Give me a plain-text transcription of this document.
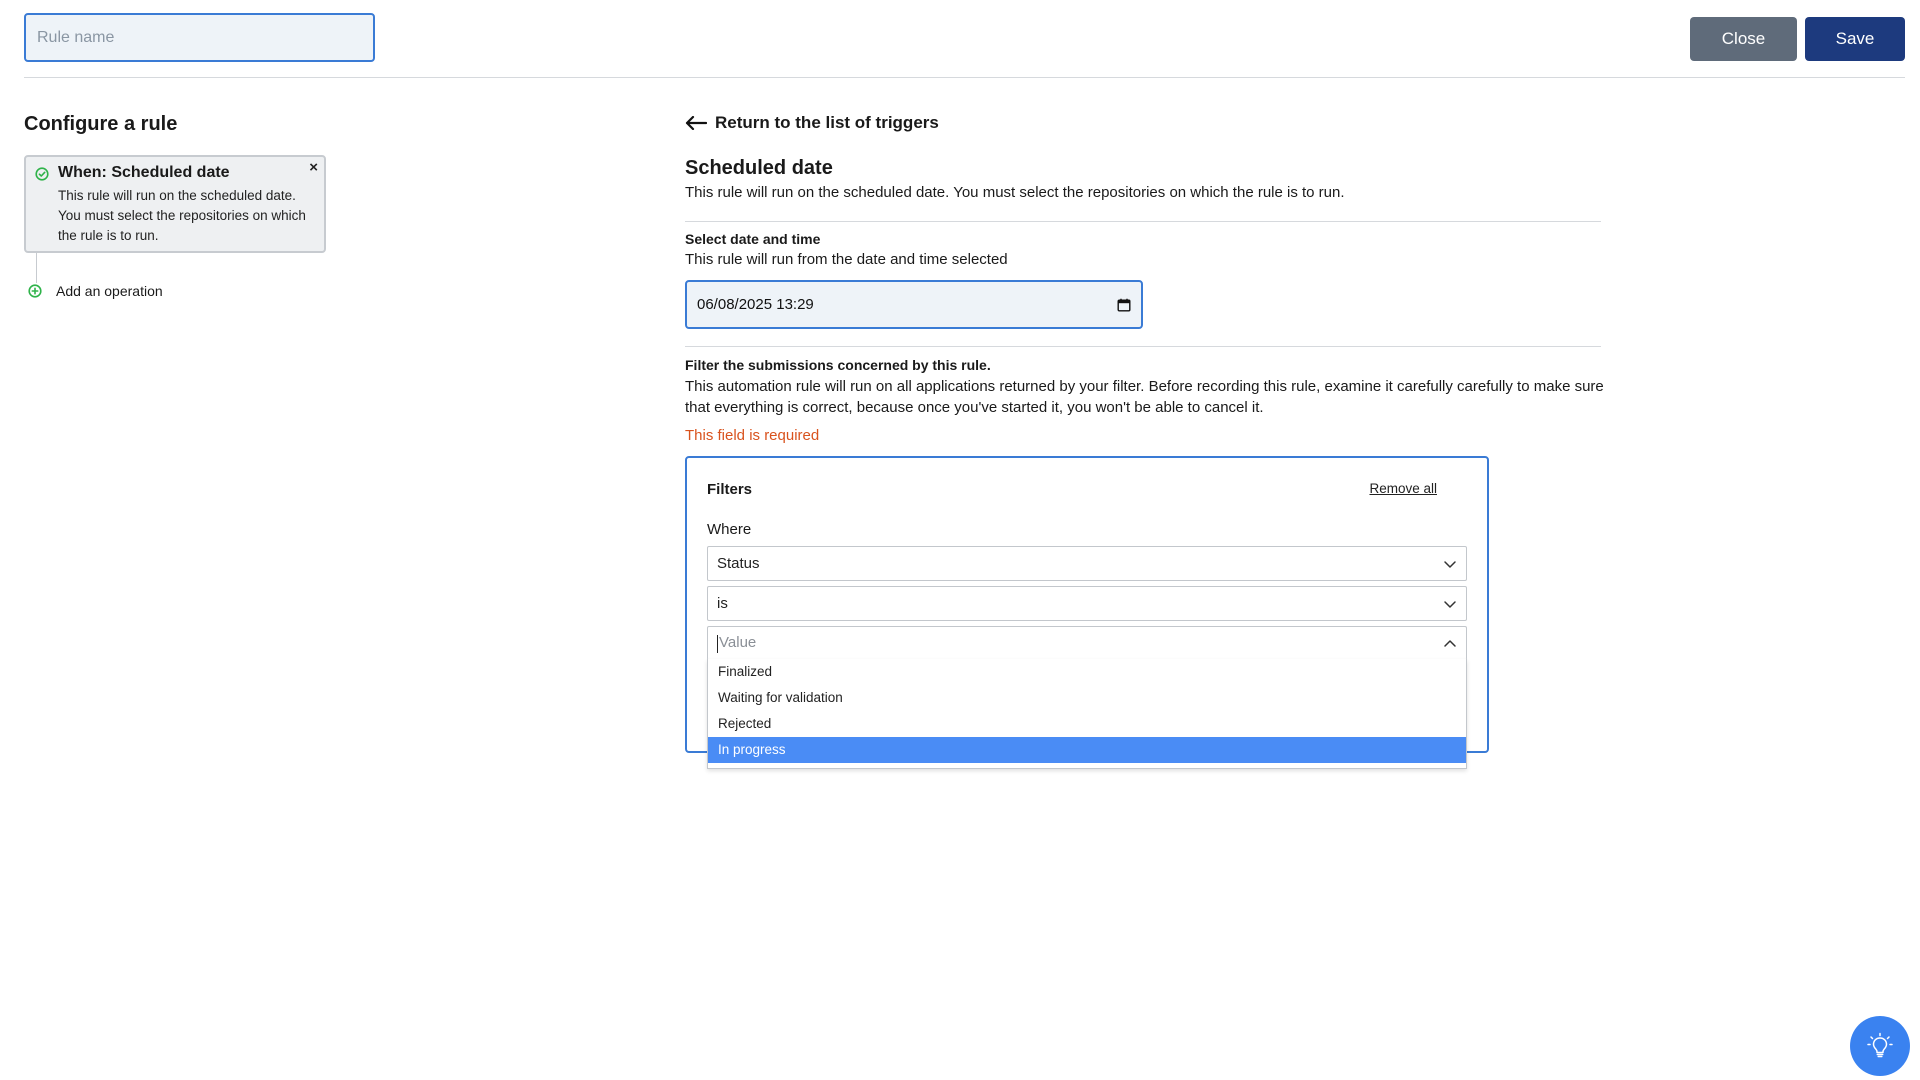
Rule name
Close	Save
Configure a rule
When: Scheduled date
This rule will run on the scheduled date. You must select the repositories on which the rule is to run.
×
Add an operation
Return to the list of triggers
Scheduled date
This rule will run on the scheduled date. You must select the repositories on which the rule is to run.
Select date and time
This rule will run from the date and time selected
06/08/2025 13:29
Filter the submissions concerned by this rule.
This automation rule will run on all applications returned by your filter. Before recording this rule, examine it carefully carefully to make sure that everything is correct, because once you've started it, you won't be able to cancel it.
This field is required
Filters	Remove all
Where
Status
is
Value
Finalized
Waiting for validation
Rejected
In progress
